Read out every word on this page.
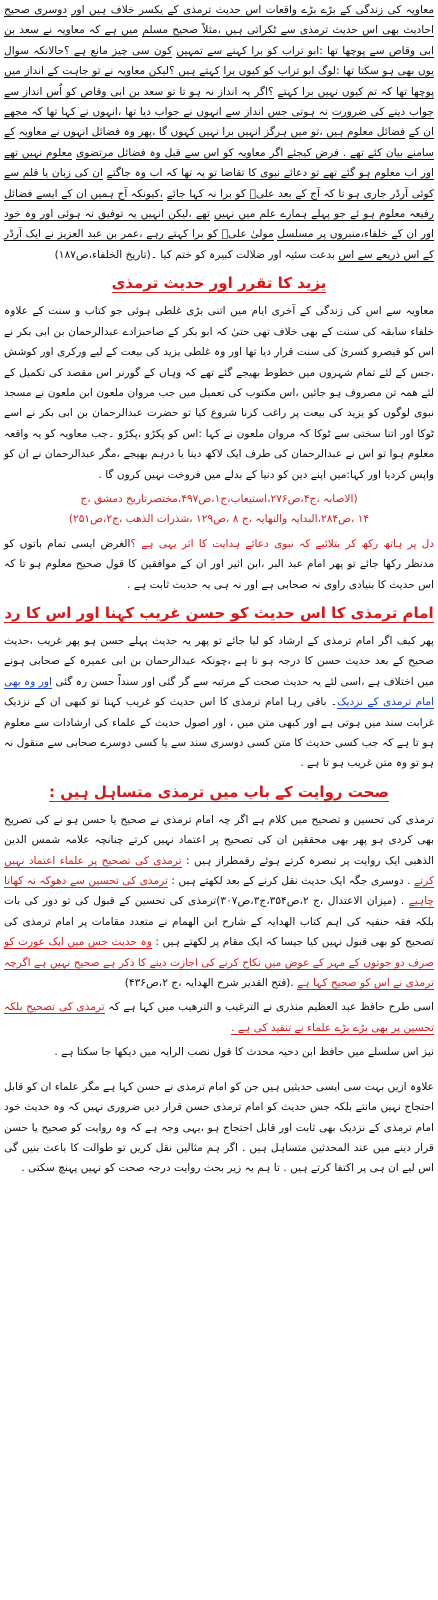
معاویہ کی زندگی کے بڑے بڑے واقعات اس حدیث ترمذی کے یکسر خلاف ہیں اور دوسری صحیح احادیث بھی اس حدیث ترمذی سے ٹکراتی ہیں ،مثلاً صحیح مسلم میں ہے کہ معاویہ نے سعد بن ابی وقاص سے پوچھا تھا :ابو تراب کو برا کہنے سے تمہیں کون سی چیز مانع ہے ؟حالانکہ سوال یوں بھی ہو سکتا تھا :لوگ ابو تراب کو کیوں برا کہتے ہیں ؟لیکن معاویہ نے تو جاہت کے انداز میں پوچھا تھا کہ تم کیوں نہیں برا کہتے ؟اگر یہ انداز نہ ہو تا تو سعد بن ابی وقاص کو اُس انداز سے جواب دینے کی ضرورت نہ ہوتی جس انداز سے انہوں نے جواب دیا تھا ،انہوں نے کہا تھا کہ مجھے ان کے فضائل معلوم ہیں ،تو میں ہرگز انہیں برا نہیں کہوں گا ،پھر وہ فضائل انہوں نے معاویہ کے سامنے بیان کئے تھے . فرض کیجئے اگر معاویہ کو اس سے قبل وہ فضائل مرتضوی معلوم نہیں تھے اور اب معلوم ہو گئے تھے تو دعائے نبوی کا تقاضا تو یہ تھا کہ اب وہ جاگتے ان کی زبان یا قلم سے کوئی آرڈر جاری ہو تا کہ آج کے بعد علیؑ کو برا نہ کہا جائے ،کیونکہ آج ہمیں ان کے ایسے فضائل رفیعہ معلوم ہو ئے جو پہلے ہمارے علم میں نہیں تھے ،لیکن انہیں یہ توفیق نہ ہوئی اور وہ خود اور ان کے خلفاء،منبروں پر مسلسل مولیٰ علیؑ کو برا کہتے رہے ،عمر بن عبد العزیز نے ایک آرڈر کے اس ذریعے سے اس بدعت سئیہ اور ضلالت کبیرہ کو ختم کیا ۔(تاریخ الخلفاء،ص۱۸۷)
یزید کا تقرر اور حدیث ترمذی
معاویہ سے اس کی زندگی کے آخری ایام میں اتنی بڑی غلطی ہوئی جو کتاب و سنت کے علاوہ خلفاء سابقہ کی سنت کے بھی خلاف تھی حتیٰ کہ ابو بکر کے صاحبزادے عبدالرحمان بن ابی بکر نے اس کو قیصرو کسریٰ کی سنت قرار دیا تھا اور وہ غلطی یزید کی بیعت کے لیے ورکری اور کوشش ،جس کے لئے تمام شہروں میں خطوط بھیجے گئے تھے کہ وہاں کے گورنر اس مقصد کی تکمیل کے لئے ھمہ تن مصروف ہو جائیں ،اس مکتوب کی تعمیل میں جب مروان ملعون ابن ملعون نے مسجد نبوی لوگوں کو یزید کی بیعت پر راغب کرنا شروع کیا تو حضرت عبدالرحمان بن ابی بکر نے اسے ٹوکا اور اتنا سختی سے ٹوکا کہ مروان ملعون نے کہا :اس کو پکڑو ،پکڑو ۔جب معاویہ کو یہ واقعہ معلوم ہوا تو اس نے عبدالرحمان کی طرف ایک لاکھ دینا یا درہم بھیجے ،مگر عبدالرحمان نے ان کو واپس کردیا اور کہا:میں اپنے دین کو دنیا کے بدلے میں فروخت نہیں کروں گا .
(الاصابہ ،ج۴،ص۲۷۶،استیعاب،ج۱،ص۴۹۷،مختصرتاریخ دمشق ،ج
۱۴ ،ص۲۸۴،البدایہ والنھایہ ،ج ۸ ،ص۱۲۹ ،شذرات الذھب ،ج۲،ص۲۵۱)
دل پر ہاتھ رکھ کر بتلائیے کہ نبوی دعائے ہدایت کا اثر یہی ہے ؟الغرض ایسی تمام باتوں کو مدنظر رکھا جائے تو پھر امام عبد البر ،ابن اثیر اور ان کے موافقین کا قول صحیح معلوم ہو تا کہ اس حدیث کا بنیادی راوی نہ صحابی ہے اور نہ ہی یہ حدیث ثابت ہے .
امام ترمذی کا اس حدیث کو حسن غریب کہنا اور اس کا رد
پھر کیف اگر امام ترمذی کے ارشاد کو لیا جائے تو پھر یہ حدیث پہلے حسن ہو پھر غریب ،حدیث صحیح کے بعد حدیث حسن کا درجہ ہو تا ہے ،چونکہ عبدالرحمان بن ابی عمیرہ کے صحابی ہونے میں اختلاف ہے ،اسی لئے یہ حدیث صحت کے مرتبہ سے گر گئی اور سنداً حسن رہ گئی اور وہ بھی امام ترمذی کے نزدیک۔ باقی رہا امام ترمذی کا اس حدیث کو غریب کہنا تو کبھی ان کے نزدیک غرابت سند میں ہوتی ہے اور کبھی متن میں ، اور اصول حدیث کے علماء کی ارشادات سے معلوم ہو تا ہے کہ جب کسی حدیث کا متن کسی دوسری سند سے یا کسی دوسرے صحابی سے منقول نہ ہو تو وہ متن غریب ہو تا ہے .
صحت روایت کے باب میں ترمذی متساہل ہیں :
ترمذی کی تحسین و تصحیح میں کلام ہے اگر چہ امام ترمذی نے صحیح یا حسن ہو نے کی تصریح بھی کردی ہو پھر بھی محققین ان کی تصحیح پر اعتماد نہیں کرتے چنانچہ علامہ شمس الدین الذھبی ایک روایت پر تبصرہ کرتے ہوئے رقمطراز ہیں : ترمذی کی تصحیح پر علماء اعتماد نہیں کرتے . دوسری جگہ ایک حدیث نقل کرنے کے بعد لکھتے ہیں : ترمذی کی تحسین سے دھوکہ نہ کھانا چاہیے . (میزان الاعتدال ،ج ۲،ص۳۵۴،ج۳،ص۳۰۷)ترمذی کی تحسین کے قبول کی تو دور کی بات بلکہ فقہ حنفیہ کی اہم کتاب الھدایہ کے شارح ابن الھمام نے متعدد مقامات پر امام ترمذی کی تصحیح کو بھی قبول نہیں کیا جیسا کہ ایک مقام پر لکھتے ہیں : وہ حدیث جس میں ایک عورت کو صرف دو جوتوں کے مہر کے عوض میں نکاح کرنے کی اجازت دینے کا ذکر ہے صحیح نہیں ہے اگرچہ ترمذی نے اس کو صحیح کہا ہے .(فتح القدیر شرح الھدایہ ،ج ۲،ص۴۳۶)
اسی طرح حافظ عبد العظیم منذری نے الترغیب و الترھیب میں کہا ہے کہ ترمذی کی تصحیح بلکہ تحسین پر بھی بڑے بڑے علماء نے تنقید کی ہے .
نیز اس سلسلے میں حافظ ابن دحیہ محدث کا قول نصب الرایہ میں دیکھا جا سکتا ہے .
علاوہ ازیں بہت سی ایسی حدیثیں ہیں جن کو امام ترمذی نے حسن کہا ہے مگر علماء ان کو قابل احتجاج نہیں مانتے بلکہ جس حدیث کو امام ترمذی حسن قرار دیں ضروری نہیں کہ وہ حدیث خود امام ترمذی کے نزدیک بھی ثابت اور قابل احتجاج ہو ،یہی وجہ ہے کہ وہ روایت کو صحیح یا حسن قرار دینے میں عند المحدثین متساہل ہیں . اگر ہم مثالیں نقل کریں تو طوالت کا باعث بنیں گی اس لیے ان ہی پر اکتفا کرتے ہیں . تا ہم یہ زیر بحث روایت درجہ صحت کو نہیں پہنچ سکتی .
